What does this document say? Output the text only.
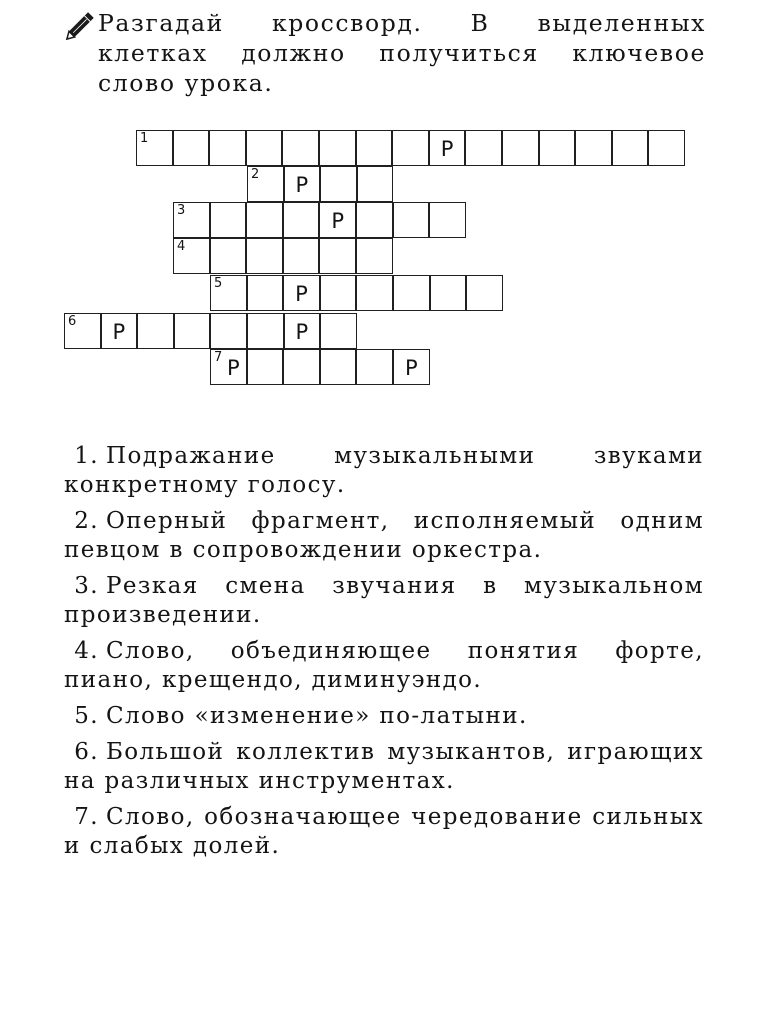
Разгадай кроссворд. В выделенных клетках должно получиться ключевое слово урока.
1	Р
2	Р
3	Р
4
5	Р
6	Р	Р
7 Р	Р
1. Подражание музыкальными звуками конкретному голосу.
2. Оперный фрагмент, исполняемый одним певцом в сопровождении оркестра.
3. Резкая смена звучания в музыкальном произведении.
4. Слово, объединяющее понятия форте, пиано, крещендо, диминуэндо.
5. Слово «изменение» по-латыни.
6. Большой коллектив музыкантов, играющих на различных инструментах.
7. Слово, обозначающее чередование сильных и слабых долей.
